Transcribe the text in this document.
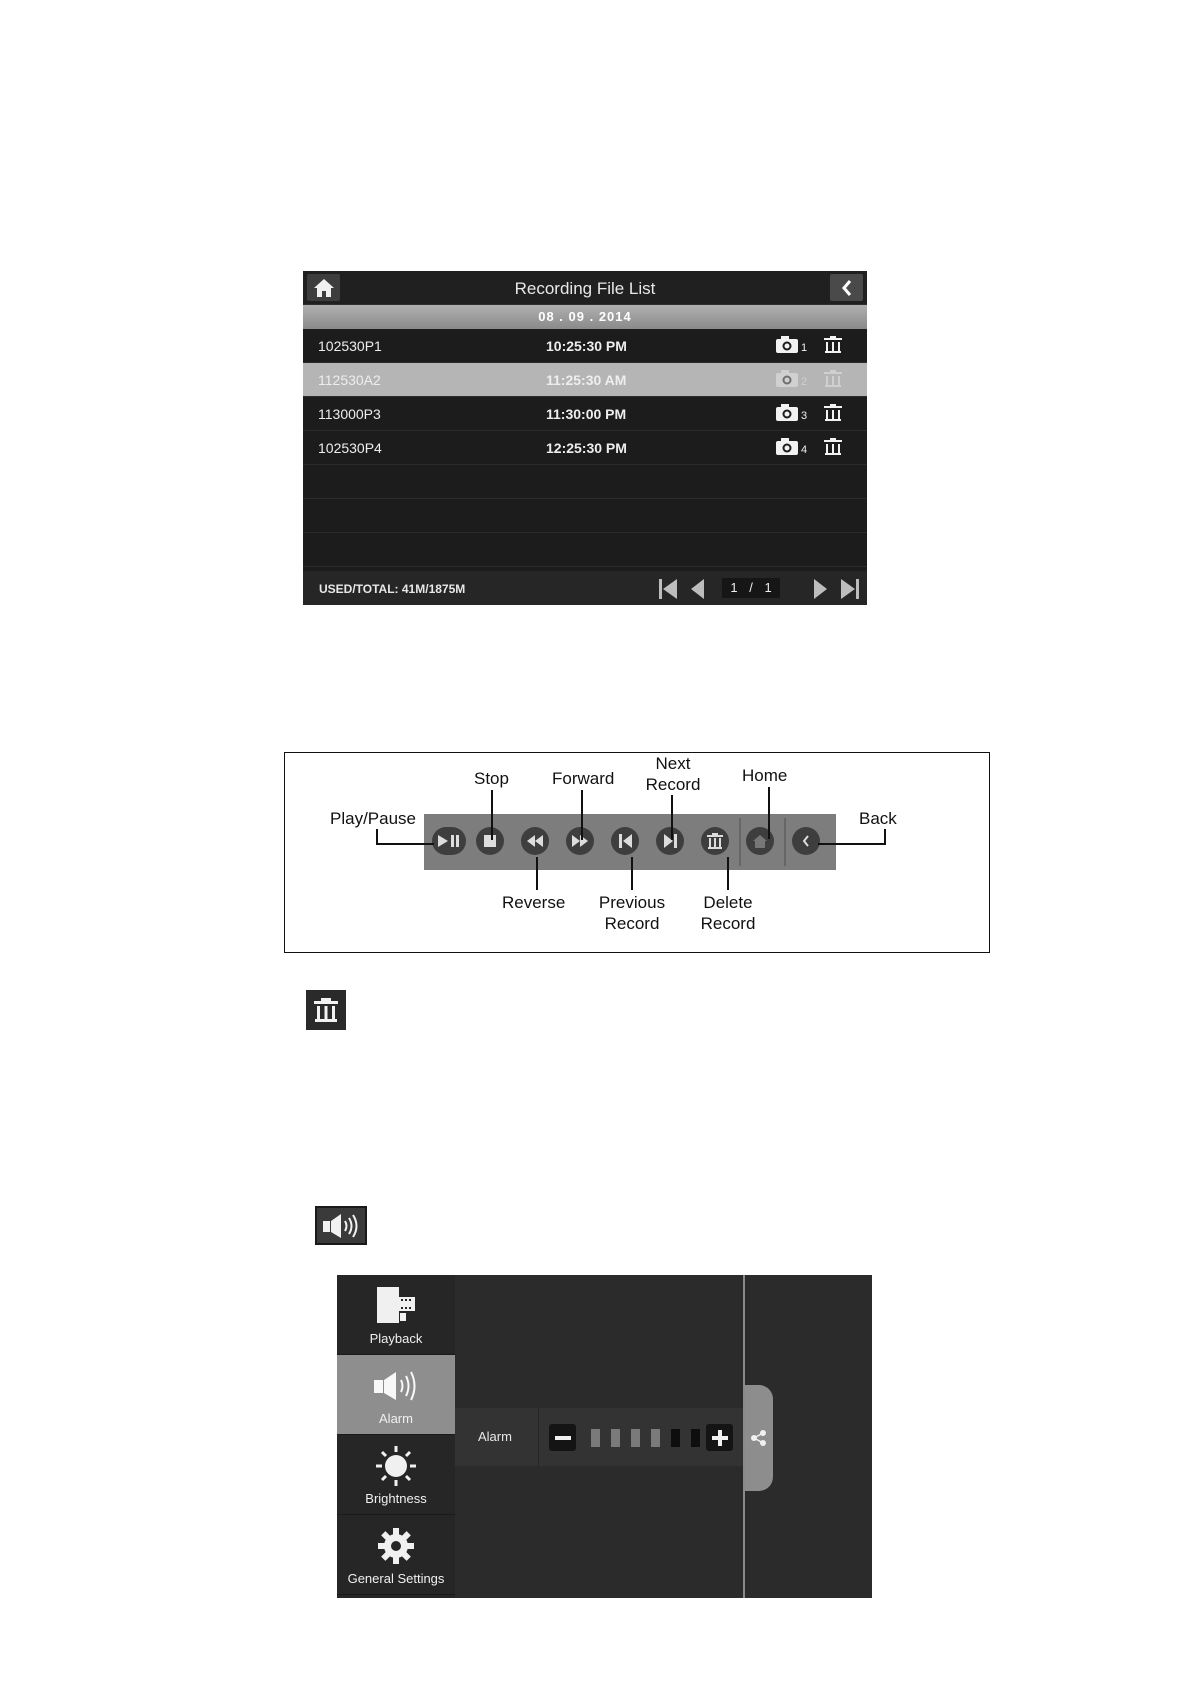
Recording File List
08 . 09 . 2014
102530P1	10:25:30 PM	1
112530A2	11:25:30 AM	2
113000P3	11:30:00 PM	3
102530P4	12:25:30 PM	4
USED/TOTAL: 41M/1875M	1 / 1
Play/Pause
Stop	Forward
Next
Record Home
Back
Reverse Previous
Record
Delete
Record
Playback
Alarm
Brightness
General Settings
Alarm
